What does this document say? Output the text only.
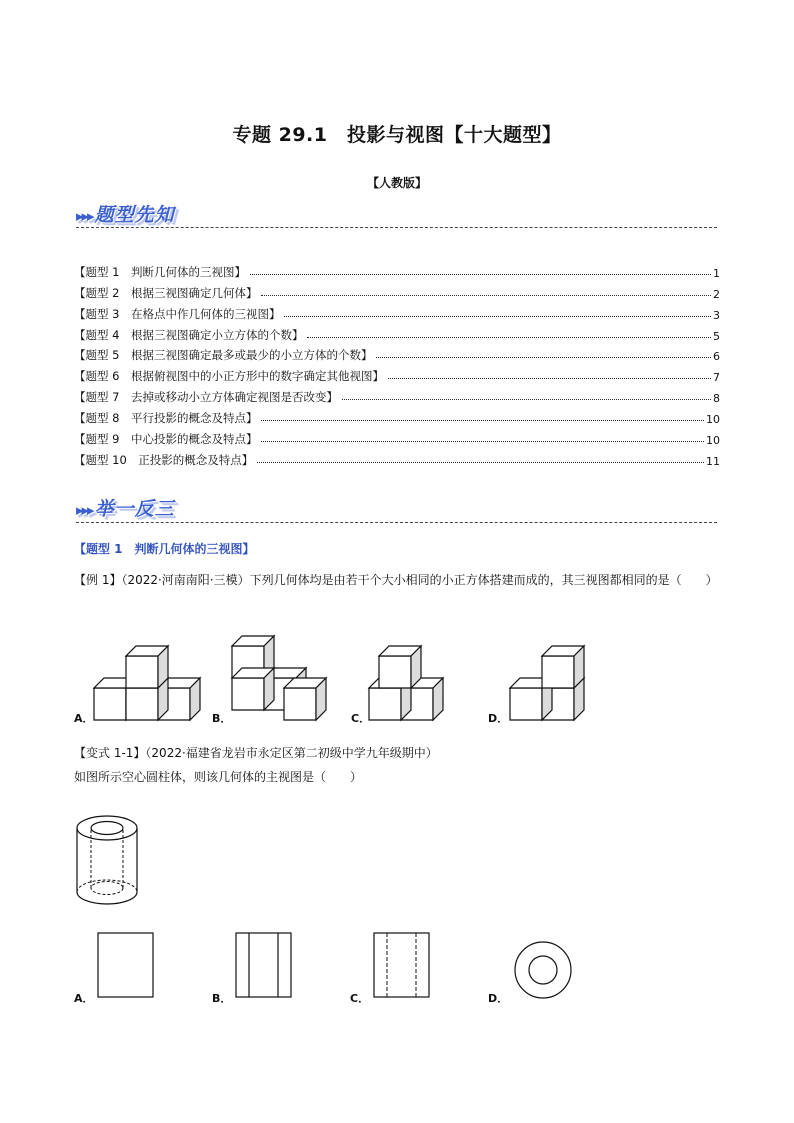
专题 29.1　投影与视图【十大题型】
【人教版】
▸▸▸ 题型先知
【题型 1　判断几何体的三视图】	1
【题型 2　根据三视图确定几何体】	2
【题型 3　在格点中作几何体的三视图】	3
【题型 4　根据三视图确定小立方体的个数】	5
【题型 5　根据三视图确定最多或最少的小立方体的个数】	6
【题型 6　根据俯视图中的小正方形中的数字确定其他视图】	7
【题型 7　去掉或移动小立方体确定视图是否改变】	8
【题型 8　平行投影的概念及特点】	10
【题型 9　中心投影的概念及特点】	10
【题型 10　正投影的概念及特点】	11
▸▸▸ 举一反三
【题型 1　判断几何体的三视图】
【例 1】（2022·河南南阳·三模）下列几何体均是由若干个大小相同的小正方体搭建而成的，其三视图都相同的是（　　）
A．	B．	C．	D．
【变式 1-1】（2022·福建省龙岩市永定区第二初级中学九年级期中）如图所示空心圆柱体，则该几何体的主视图是（　　）
A．	B．	C．	D．
